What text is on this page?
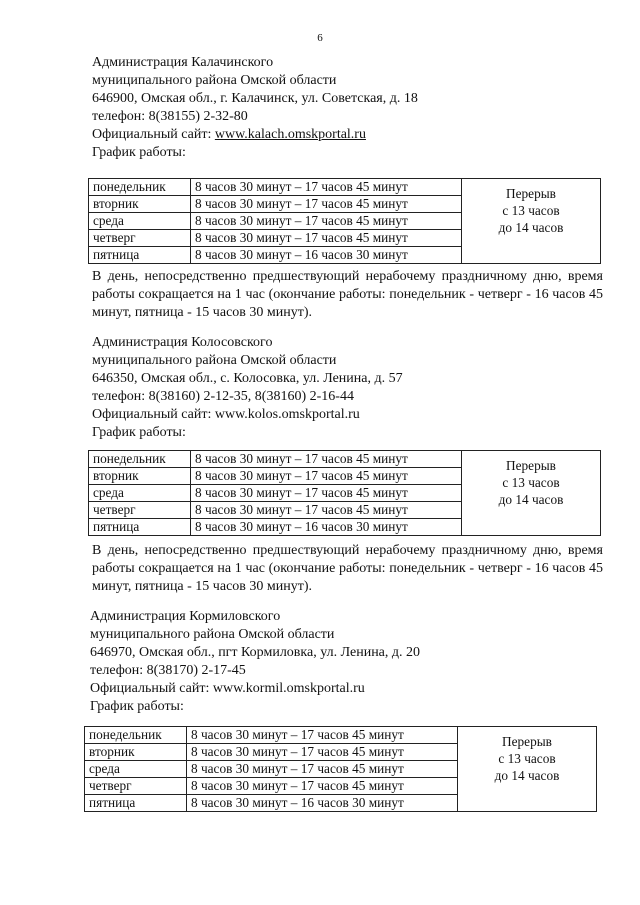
6
Администрация Калачинского
муниципального района Омской области
646900, Омская обл., г. Калачинск, ул. Советская, д. 18
телефон: 8(38155) 2-32-80
Официальный сайт: www.kalach.omskportal.ru
График работы:
понедельник	8 часов 30 минут – 17 часов 45 минут	Перерыв
с 13 часов
до 14 часов

вторник	8 часов 30 минут – 17 часов 45 минут	
среда	8 часов 30 минут – 17 часов 45 минут	
четверг	8 часов 30 минут – 17 часов 45 минут	
пятница	8 часов 30 минут – 16 часов 30 минут	
В день, непосредственно предшествующий нерабочему праздничному дню, время работы сокращается на 1 час (окончание работы: понедельник - четверг - 16 часов 45 минут, пятница - 15 часов 30 минут).
Администрация Колосовского
муниципального района Омской области
646350, Омская обл., с. Колосовка, ул. Ленина, д. 57
телефон: 8(38160) 2-12-35, 8(38160) 2-16-44
Официальный сайт: www.kolos.omskportal.ru
График работы:
понедельник	8 часов 30 минут – 17 часов 45 минут	Перерыв
с 13 часов
до 14 часов

вторник	8 часов 30 минут – 17 часов 45 минут	
среда	8 часов 30 минут – 17 часов 45 минут	
четверг	8 часов 30 минут – 17 часов 45 минут	
пятница	8 часов 30 минут – 16 часов 30 минут	
В день, непосредственно предшествующий нерабочему праздничному дню, время работы сокращается на 1 час (окончание работы: понедельник - четверг - 16 часов 45 минут, пятница - 15 часов 30 минут).
Администрация Кормиловского
муниципального района Омской области
646970, Омская обл., пгт Кормиловка, ул. Ленина, д. 20
телефон: 8(38170) 2-17-45
Официальный сайт: www.kormil.omskportal.ru
График работы:
понедельник	8 часов 30 минут – 17 часов 45 минут	Перерыв
с 13 часов
до 14 часов

вторник	8 часов 30 минут – 17 часов 45 минут	
среда	8 часов 30 минут – 17 часов 45 минут	
четверг	8 часов 30 минут – 17 часов 45 минут	
пятница	8 часов 30 минут – 16 часов 30 минут	
